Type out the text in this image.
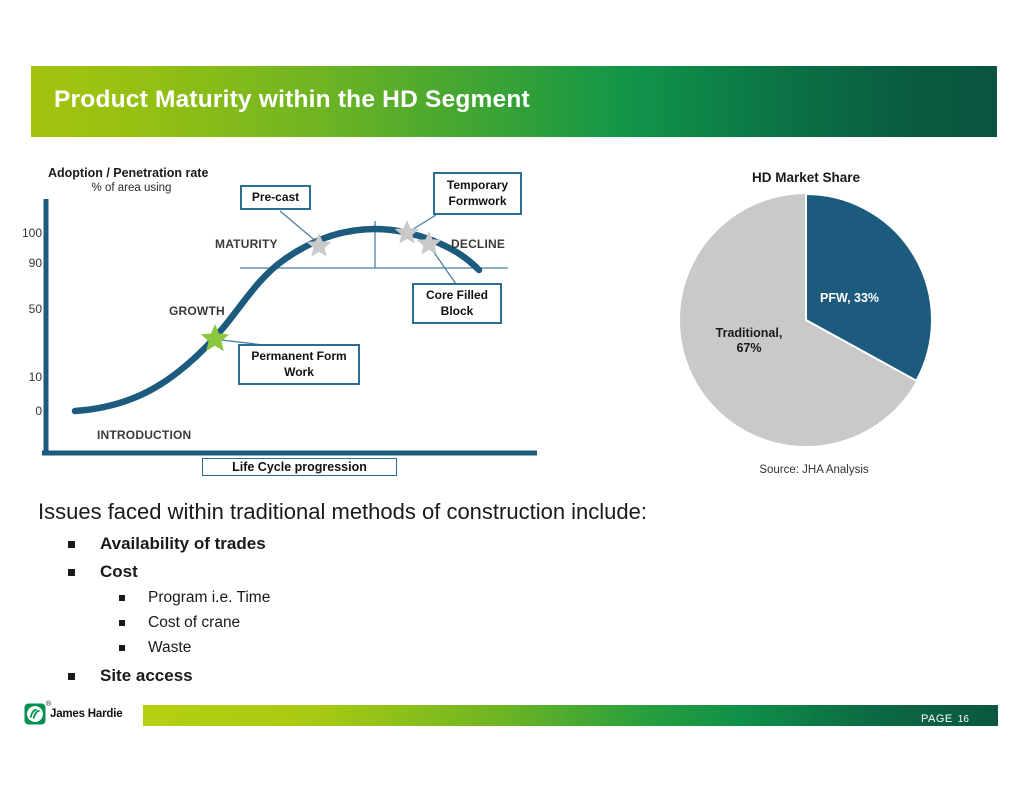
Product Maturity within the HD Segment
Adoption / Penetration rate
% of area using
100
90
50
10
0
MATURITY	DECLINE
GROWTH
INTRODUCTION
Pre-cast
Temporary Formwork
Core Filled Block
Permanent Form Work
Life Cycle progression
HD Market Share
PFW, 33%
Traditional,
67%
Source: JHA Analysis
Issues faced within traditional methods of construction include:
Availability of trades
Cost
Program i.e. Time
Cost of crane
Waste
Site access
®
James Hardie	PAGE 16
